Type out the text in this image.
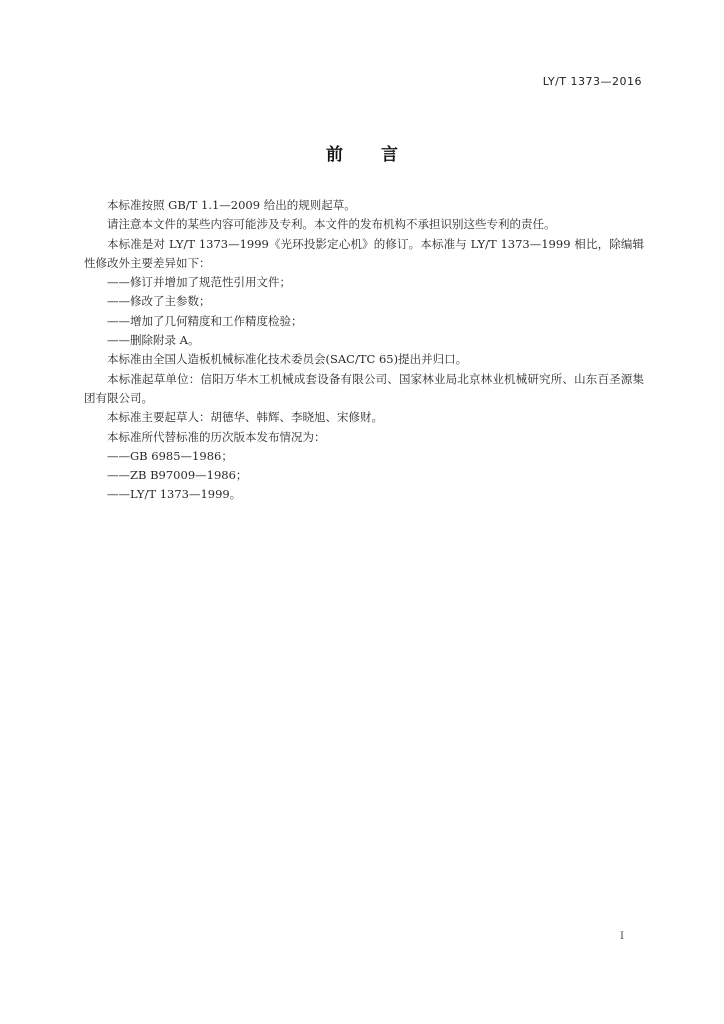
LY/T 1373—2016
前言

本标准按照 GB/T 1.1—2009 给出的规则起草。

请注意本文件的某些内容可能涉及专利。本文件的发布机构不承担识别这些专利的责任。

本标准是对 LY/T 1373—1999《光环投影定心机》的修订。本标准与 LY/T 1373—1999 相比，除编辑性修改外主要差异如下：

——修订并增加了规范性引用文件；

——修改了主参数；

——增加了几何精度和工作精度检验；

——删除附录 A。

本标准由全国人造板机械标准化技术委员会(SAC/TC 65)提出并归口。

本标准起草单位：信阳万华木工机械成套设备有限公司、国家林业局北京林业机械研究所、山东百圣源集团有限公司。

本标准主要起草人：胡德华、韩辉、李晓旭、宋修财。

本标准所代替标准的历次版本发布情况为：

——GB 6985—1986；

——ZB B97009—1986；

——LY/T 1373—1999。

I
